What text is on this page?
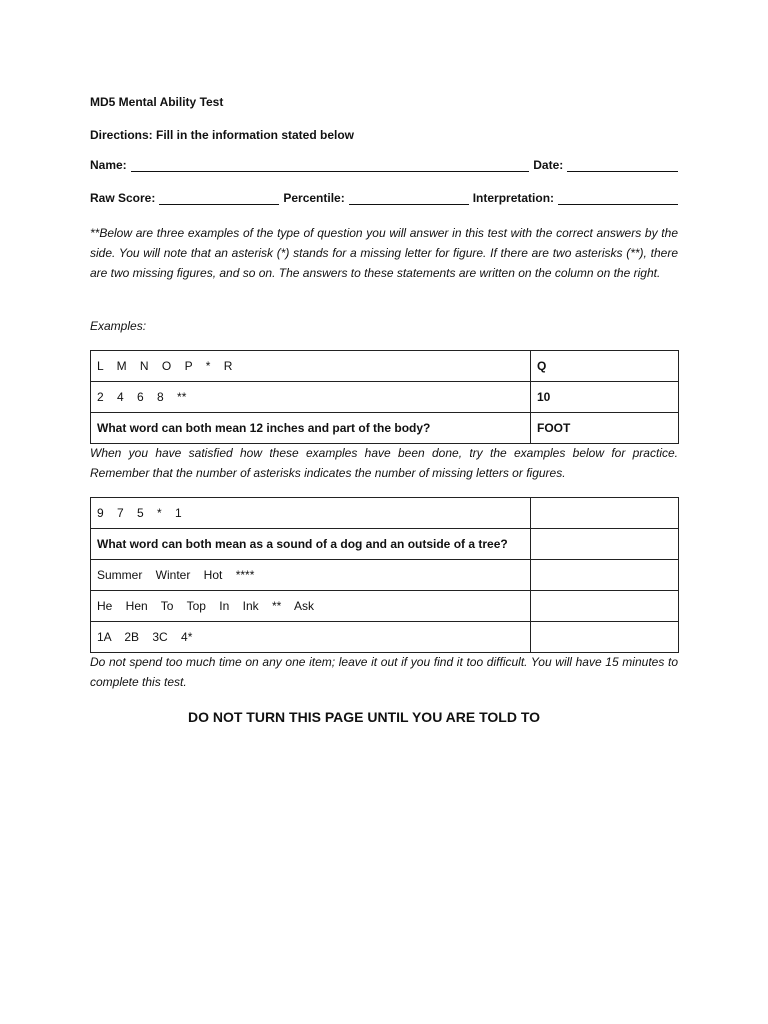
MD5 Mental Ability Test
Directions: Fill in the information stated below
Name:	Date:
Raw Score:	Percentile:	Interpretation:

**Below are three examples of the type of question you will answer in this test with the correct answers by the side. You will note that an asterisk (*) stands for a missing letter for figure. If there are two asterisks (**), there are two missing figures, and so on. The answers to these statements are written on the column on the right.

Examples:
L    M    N    O    P    *    R	Q
2    4    6    8    **	10
What word can both mean 12 inches and part of the body?	FOOT

When you have satisfied how these examples have been done, try the examples below for practice. Remember that the number of asterisks indicates the number of missing letters or figures.

9    7    5    *    1	
What word can both mean as a sound of a dog and an outside of a tree?	
Summer    Winter    Hot    ****	
He    Hen    To    Top    In    Ink    **    Ask	
1A    2B    3C    4*	

Do not spend too much time on any one item; leave it out if you find it too difficult. You will have 15 minutes to complete this test.

DO NOT TURN THIS PAGE UNTIL YOU ARE TOLD TO
